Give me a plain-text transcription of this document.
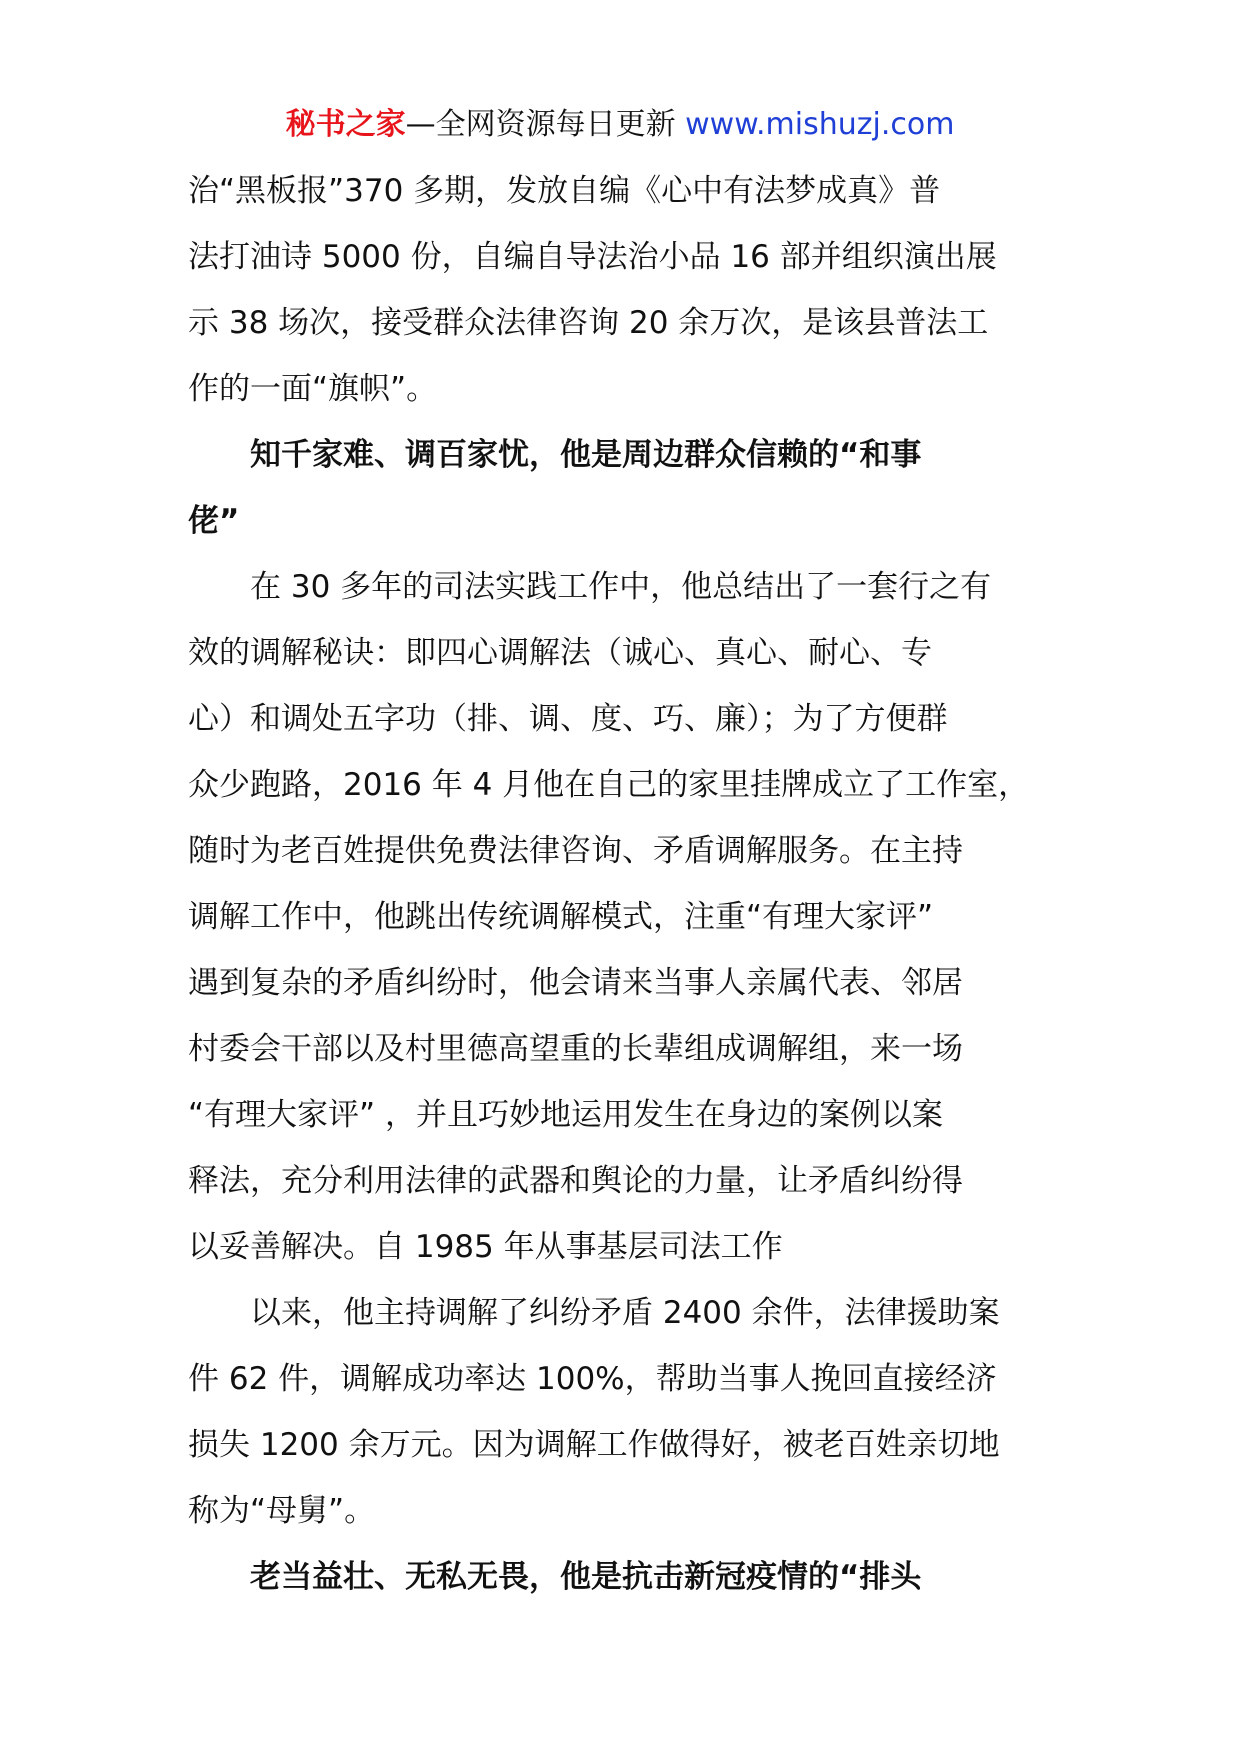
秘书之家—全网资源每日更新 www.mishuzj.com
治“黑板报”370 多期，发放自编《心中有法梦成真》普
法打油诗 5000 份，自编自导法治小品 16 部并组织演出展
示 38 场次，接受群众法律咨询 20 余万次，是该县普法工
作的一面“旗帜”。
　　知千家难、调百家忧，他是周边群众信赖的“和事
佬”
　　在 30 多年的司法实践工作中，他总结出了一套行之有
效的调解秘诀：即四心调解法（诚心、真心、耐心、专
心）和调处五字功（排、调、度、巧、廉）；为了方便群
众少跑路，2016 年 4 月他在自己的家里挂牌成立了工作室，
随时为老百姓提供免费法律咨询、矛盾调解服务。在主持
调解工作中，他跳出传统调解模式，注重“有理大家评”
遇到复杂的矛盾纠纷时，他会请来当事人亲属代表、邻居
村委会干部以及村里德高望重的长辈组成调解组，来一场
“有理大家评” ，并且巧妙地运用发生在身边的案例以案
释法，充分利用法律的武器和舆论的力量，让矛盾纠纷得
以妥善解决。自 1985 年从事基层司法工作
　　以来，他主持调解了纠纷矛盾 2400 余件，法律援助案
件 62 件，调解成功率达 100%，帮助当事人挽回直接经济
损失 1200 余万元。因为调解工作做得好，被老百姓亲切地
称为“母舅”。
　　老当益壮、无私无畏，他是抗击新冠疫情的“排头
